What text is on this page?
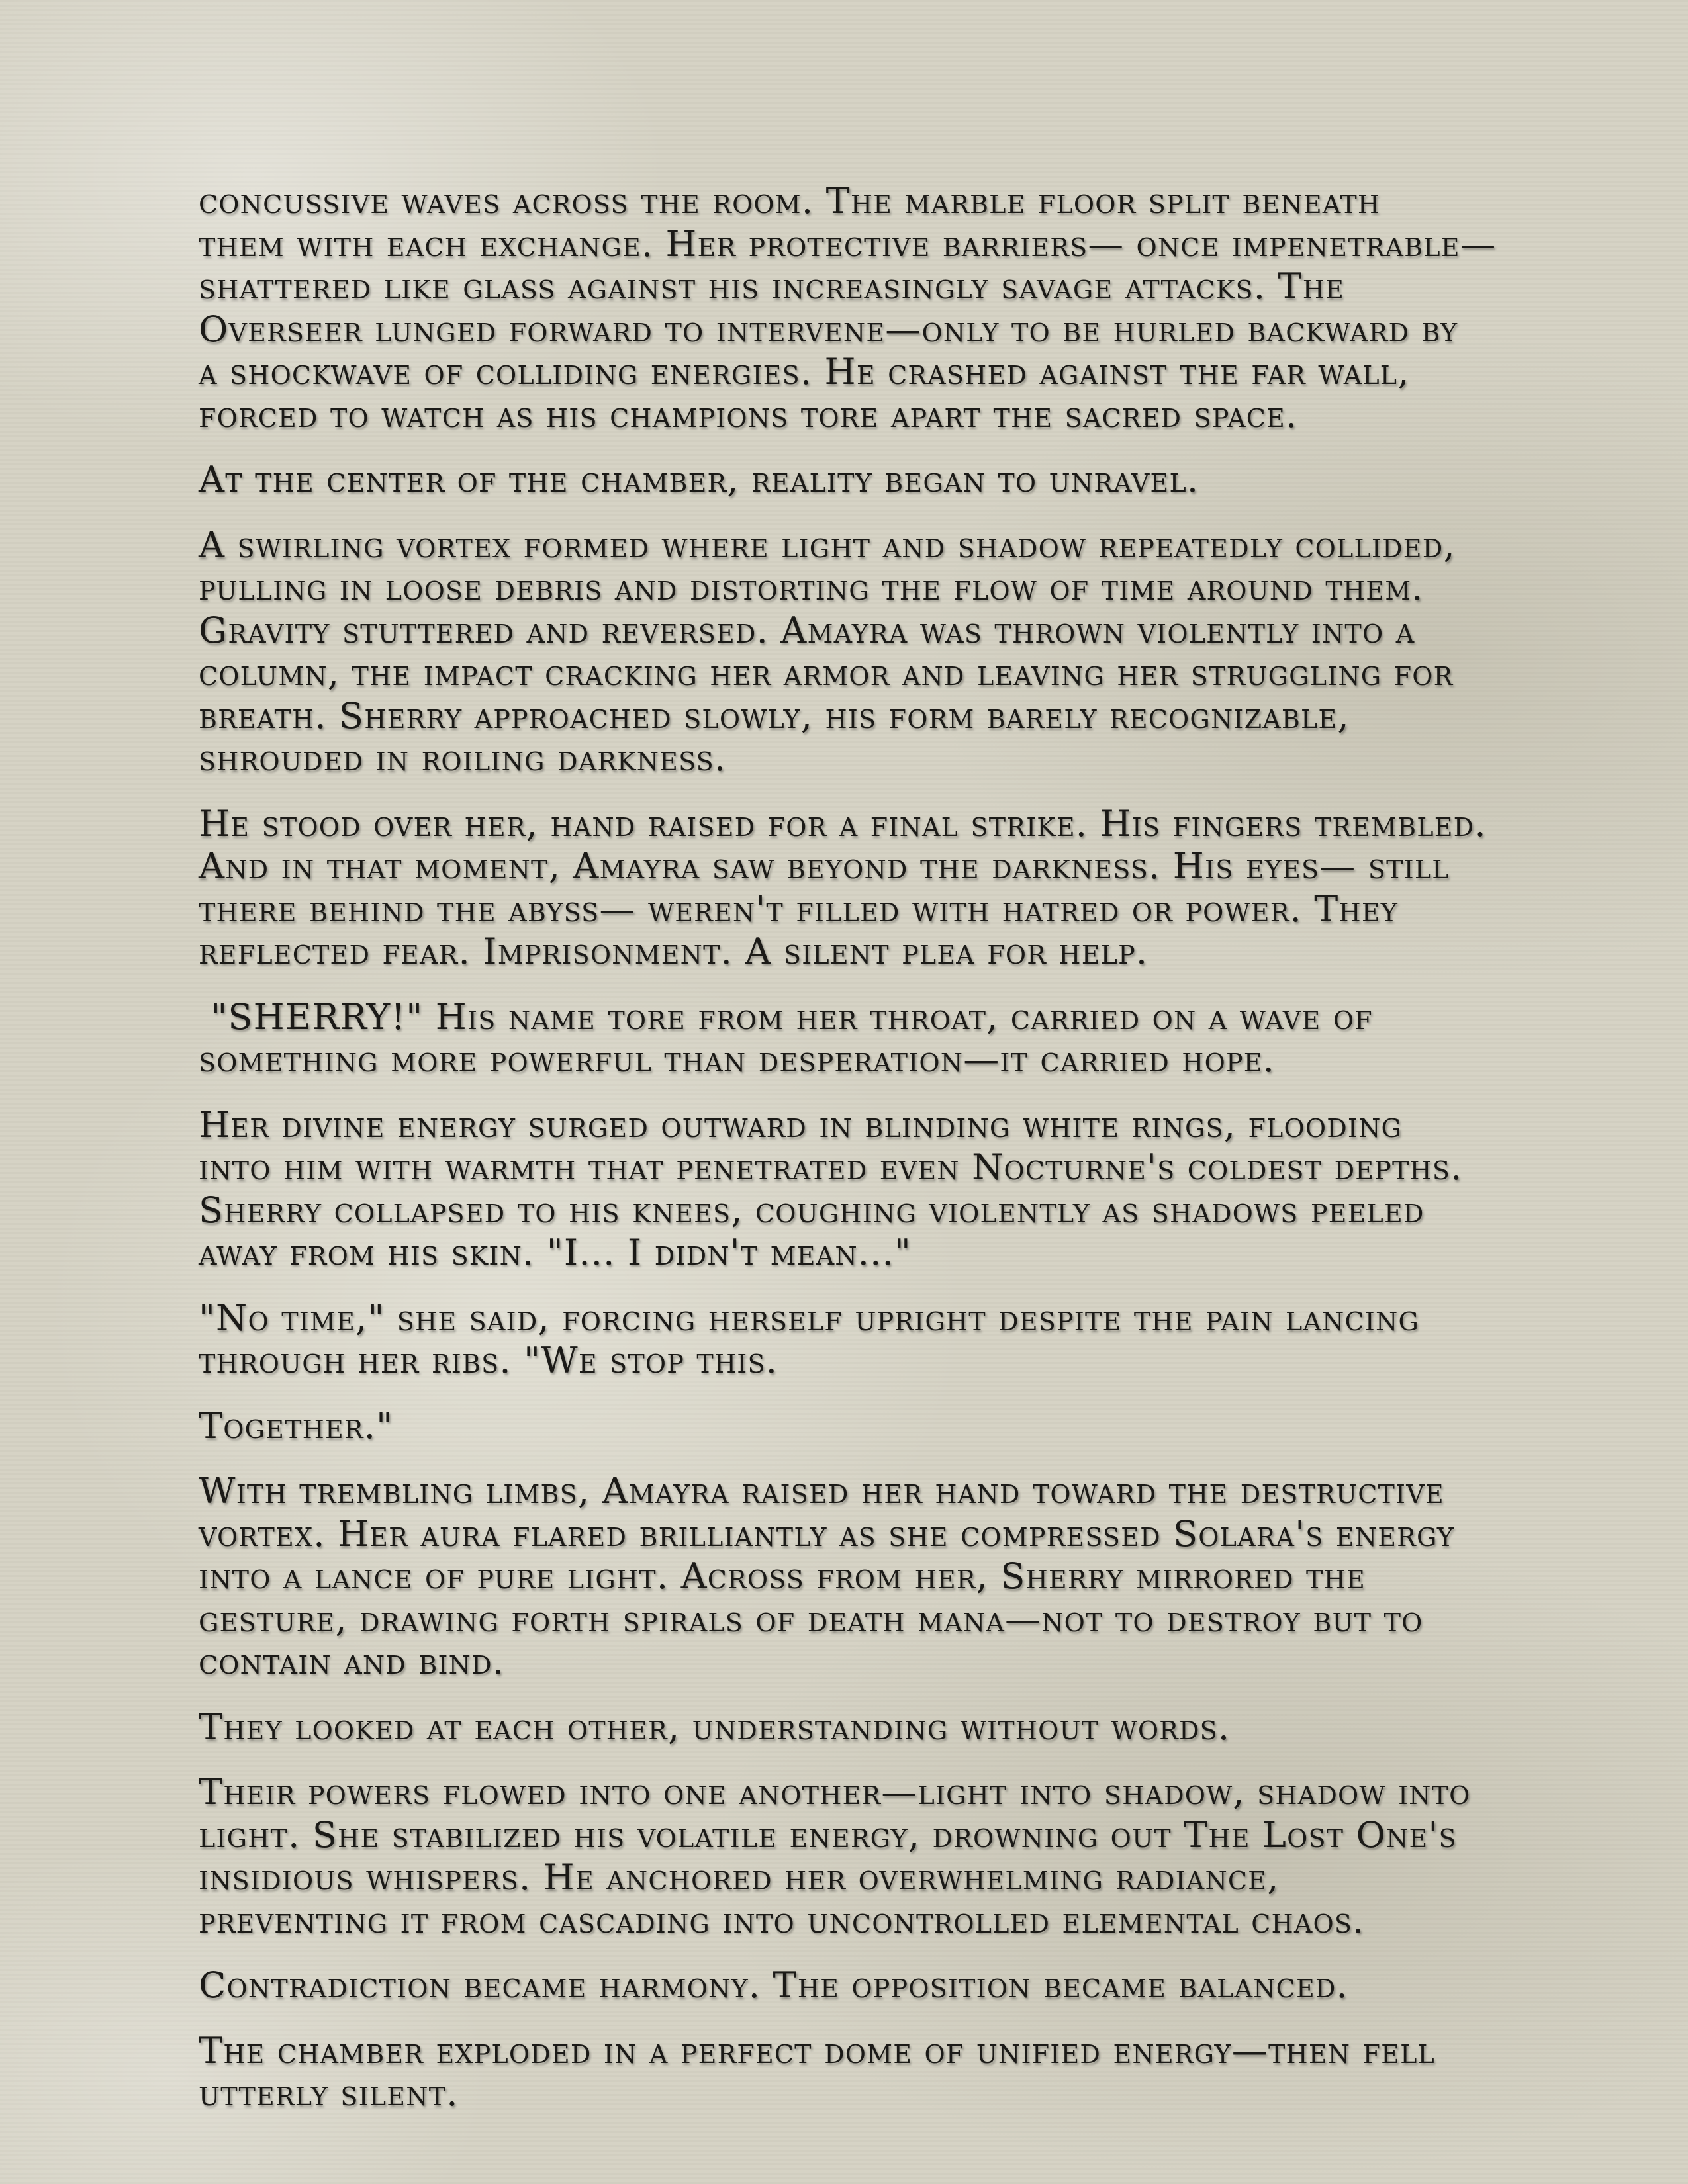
concussive waves across the room. The marble floor split beneath
them with each exchange. Her protective barriers— once impenetrable—
shattered like glass against his increasingly savage attacks. The
Overseer lunged forward to intervene—only to be hurled backward by
a shockwave of colliding energies. He crashed against the far wall,
forced to watch as his champions tore apart the sacred space.

At the center of the chamber, reality began to unravel.

A swirling vortex formed where light and shadow repeatedly collided,
pulling in loose debris and distorting the flow of time around them.
Gravity stuttered and reversed. Amayra was thrown violently into a
column, the impact cracking her armor and leaving her struggling for
breath. Sherry approached slowly, his form barely recognizable,
shrouded in roiling darkness.

He stood over her, hand raised for a final strike. His fingers trembled.
And in that moment, Amayra saw beyond the darkness. His eyes— still
there behind the abyss— weren't filled with hatred or power. They
reflected fear. Imprisonment. A silent plea for help.

"SHERRY!" His name tore from her throat, carried on a wave of
something more powerful than desperation—it carried hope.

Her divine energy surged outward in blinding white rings, flooding
into him with warmth that penetrated even Nocturne's coldest depths.
Sherry collapsed to his knees, coughing violently as shadows peeled
away from his skin. "I... I didn't mean..."

"No time," she said, forcing herself upright despite the pain lancing
through her ribs. "We stop this.

Together."

With trembling limbs, Amayra raised her hand toward the destructive
vortex. Her aura flared brilliantly as she compressed Solara's energy
into a lance of pure light. Across from her, Sherry mirrored the
gesture, drawing forth spirals of death mana—not to destroy but to
contain and bind.

They looked at each other, understanding without words.

Their powers flowed into one another—light into shadow, shadow into
light. She stabilized his volatile energy, drowning out The Lost One's
insidious whispers. He anchored her overwhelming radiance,
preventing it from cascading into uncontrolled elemental chaos.

Contradiction became harmony. The opposition became balanced.

The chamber exploded in a perfect dome of unified energy—then fell
utterly silent.
